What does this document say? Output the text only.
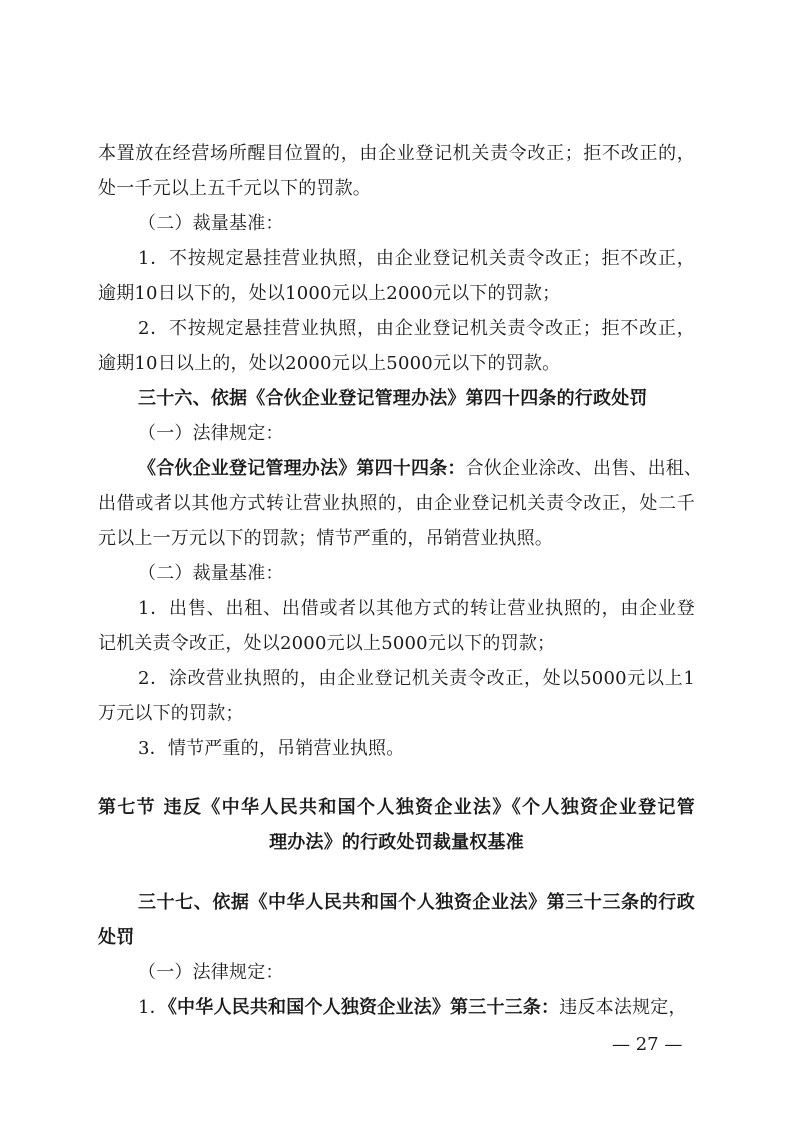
本置放在经营场所醒目位置的，由企业登记机关责令改正；拒不改正的，
处一千元以上五千元以下的罚款。
（二）裁量基准：
1．不按规定悬挂营业执照，由企业登记机关责令改正；拒不改正，
逾期10日以下的，处以1000元以上2000元以下的罚款；
2．不按规定悬挂营业执照，由企业登记机关责令改正；拒不改正，
逾期10日以上的，处以2000元以上5000元以下的罚款。
三十六、依据《合伙企业登记管理办法》第四十四条的行政处罚
（一）法律规定：
《合伙企业登记管理办法》第四十四条：合伙企业涂改、出售、出租、
出借或者以其他方式转让营业执照的，由企业登记机关责令改正，处二千
元以上一万元以下的罚款；情节严重的，吊销营业执照。
（二）裁量基准：
1．出售、出租、出借或者以其他方式的转让营业执照的，由企业登
记机关责令改正，处以2000元以上5000元以下的罚款；
2．涂改营业执照的，由企业登记机关责令改正，处以5000元以上1
万元以下的罚款；
3．情节严重的，吊销营业执照。
第七节 违反《中华人民共和国个人独资企业法》《个人独资企业登记管
理办法》的行政处罚裁量权基准
三十七、依据《中华人民共和国个人独资企业法》第三十三条的行政
处罚
（一）法律规定：
1．《中华人民共和国个人独资企业法》第三十三条：违反本法规定，
— 27 —
